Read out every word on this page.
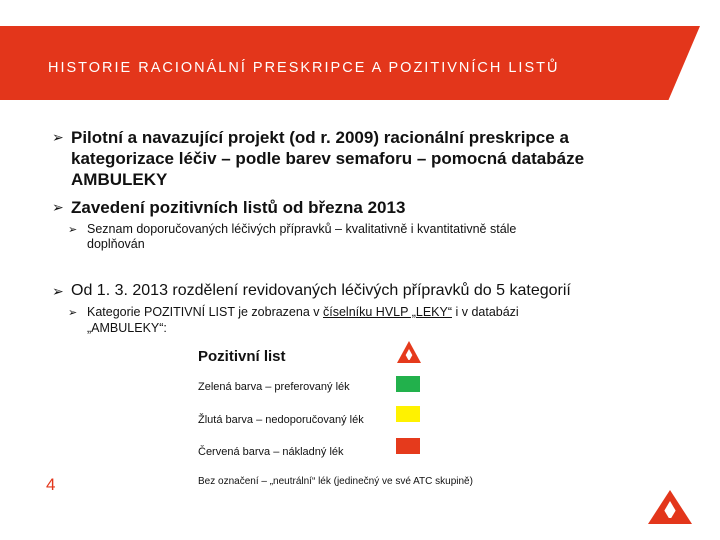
HISTORIE RACIONÁLNÍ PRESKRIPCE A POZITIVNÍCH LISTŮ
➢ Pilotní a navazující projekt (od r. 2009) racionální preskripce a
kategorizace léčiv – podle barev semaforu – pomocná databáze
AMBULEKY
➢ Zavedení pozitivních listů od března 2013
➢ Seznam doporučovaných léčivých přípravků – kvalitativně i kvantitativně stále
doplňován
➢ Od 1. 3. 2013 rozdělení revidovaných léčivých přípravků do 5 kategorií
➢ Kategorie POZITIVNÍ LIST je zobrazena v číselníku HVLP „LEKY“ i v databázi
„AMBULEKY“:
Pozitivní list
Zelená barva – preferovaný lék
Žlutá barva – nedoporučovaný lék
Červená barva – nákladný lék
Bez označení – „neutrální“ lék (jedinečný ve své ATC skupině)
4
